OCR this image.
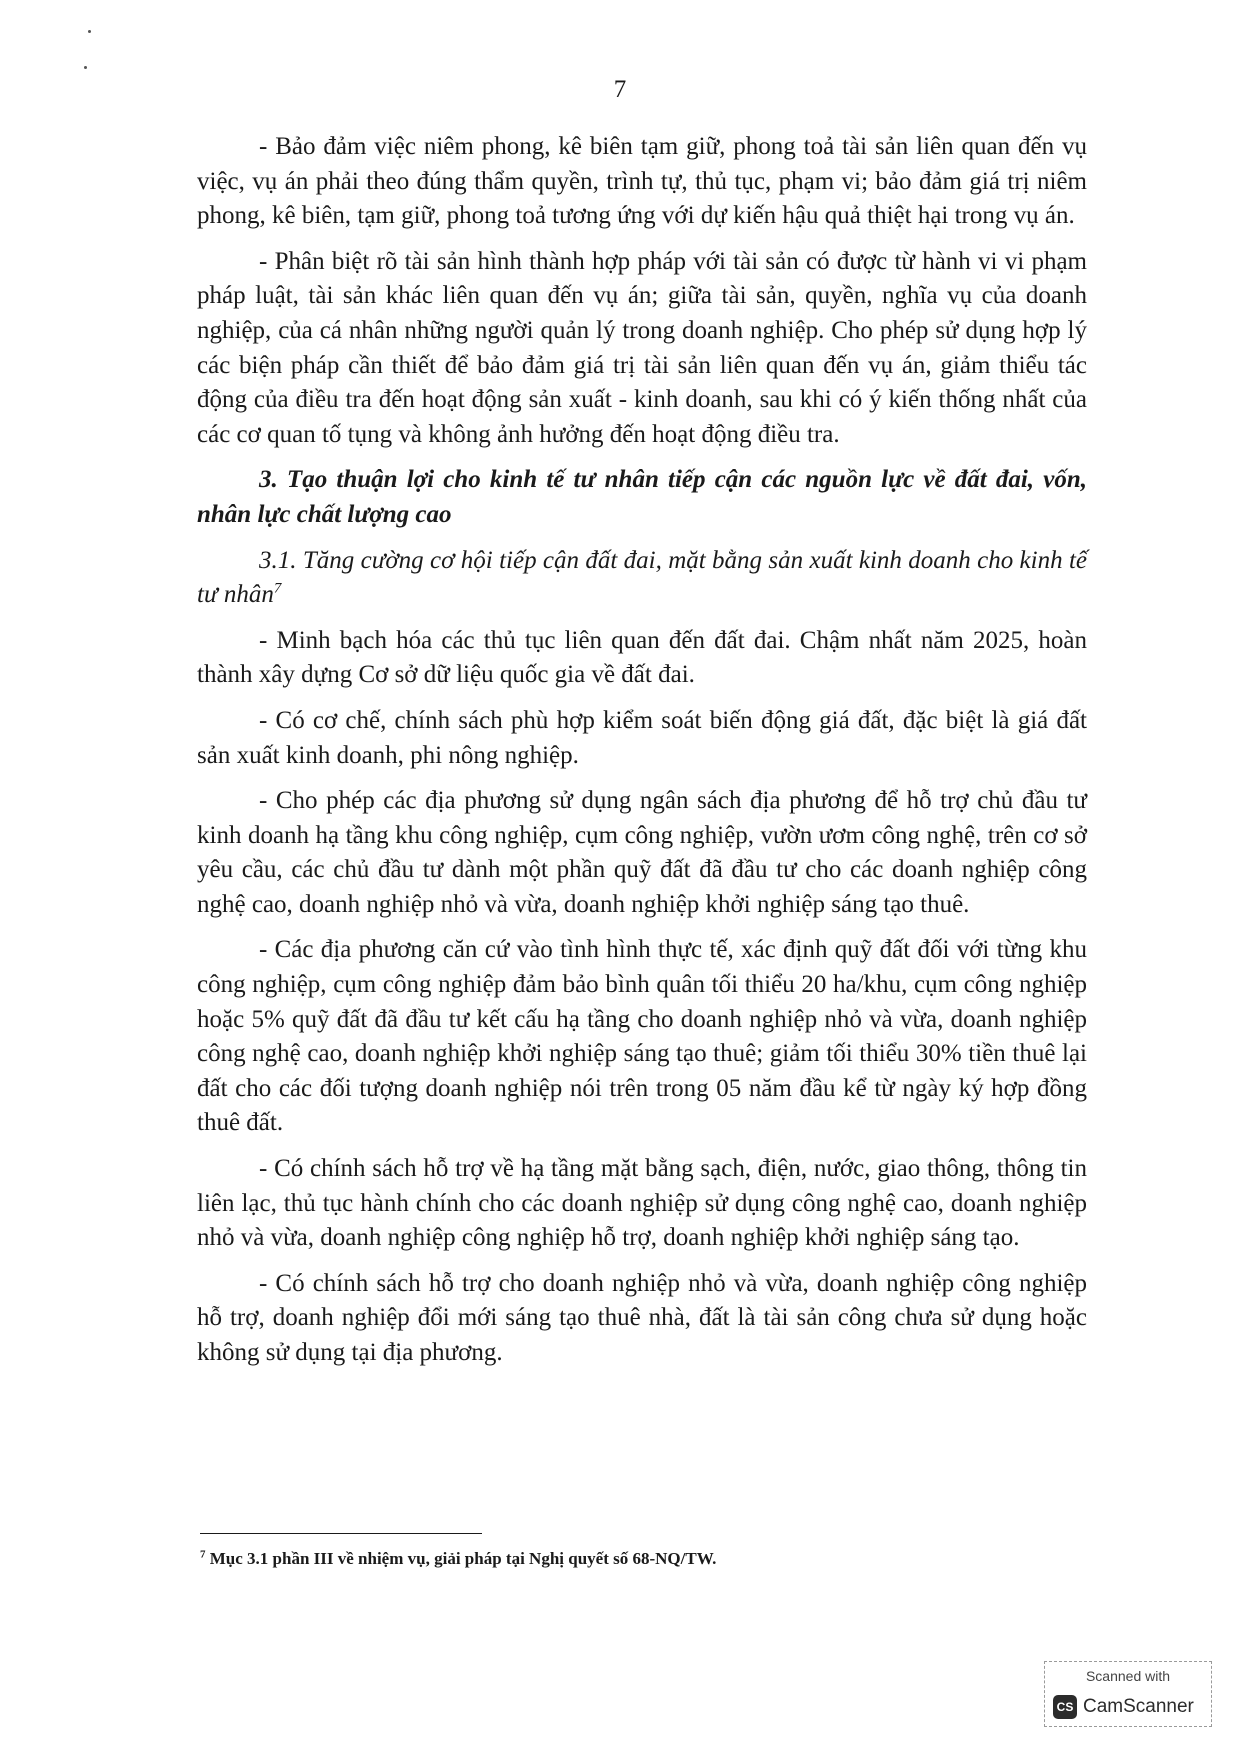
7

- Bảo đảm việc niêm phong, kê biên tạm giữ, phong toả tài sản liên quan đến vụ việc, vụ án phải theo đúng thẩm quyền, trình tự, thủ tục, phạm vi; bảo đảm giá trị niêm phong, kê biên, tạm giữ, phong toả tương ứng với dự kiến hậu quả thiệt hại trong vụ án.

- Phân biệt rõ tài sản hình thành hợp pháp với tài sản có được từ hành vi vi phạm pháp luật, tài sản khác liên quan đến vụ án; giữa tài sản, quyền, nghĩa vụ của doanh nghiệp, của cá nhân những người quản lý trong doanh nghiệp. Cho phép sử dụng hợp lý các biện pháp cần thiết để bảo đảm giá trị tài sản liên quan đến vụ án, giảm thiểu tác động của điều tra đến hoạt động sản xuất - kinh doanh, sau khi có ý kiến thống nhất của các cơ quan tố tụng và không ảnh hưởng đến hoạt động điều tra.

3. Tạo thuận lợi cho kinh tế tư nhân tiếp cận các nguồn lực về đất đai, vốn, nhân lực chất lượng cao

3.1. Tăng cường cơ hội tiếp cận đất đai, mặt bằng sản xuất kinh doanh cho kinh tế tư nhân$^7$

- Minh bạch hóa các thủ tục liên quan đến đất đai. Chậm nhất năm 2025, hoàn thành xây dựng Cơ sở dữ liệu quốc gia về đất đai.

- Có cơ chế, chính sách phù hợp kiểm soát biến động giá đất, đặc biệt là giá đất sản xuất kinh doanh, phi nông nghiệp.

- Cho phép các địa phương sử dụng ngân sách địa phương để hỗ trợ chủ đầu tư kinh doanh hạ tầng khu công nghiệp, cụm công nghiệp, vườn ươm công nghệ, trên cơ sở yêu cầu, các chủ đầu tư dành một phần quỹ đất đã đầu tư cho các doanh nghiệp công nghệ cao, doanh nghiệp nhỏ và vừa, doanh nghiệp khởi nghiệp sáng tạo thuê.

- Các địa phương căn cứ vào tình hình thực tế, xác định quỹ đất đối với từng khu công nghiệp, cụm công nghiệp đảm bảo bình quân tối thiểu 20 ha/khu, cụm công nghiệp hoặc 5% quỹ đất đã đầu tư kết cấu hạ tầng cho doanh nghiệp nhỏ và vừa, doanh nghiệp công nghệ cao, doanh nghiệp khởi nghiệp sáng tạo thuê; giảm tối thiểu 30% tiền thuê lại đất cho các đối tượng doanh nghiệp nói trên trong 05 năm đầu kể từ ngày ký hợp đồng thuê đất.

- Có chính sách hỗ trợ về hạ tầng mặt bằng sạch, điện, nước, giao thông, thông tin liên lạc, thủ tục hành chính cho các doanh nghiệp sử dụng công nghệ cao, doanh nghiệp nhỏ và vừa, doanh nghiệp công nghiệp hỗ trợ, doanh nghiệp khởi nghiệp sáng tạo.

- Có chính sách hỗ trợ cho doanh nghiệp nhỏ và vừa, doanh nghiệp công nghiệp hỗ trợ, doanh nghiệp đổi mới sáng tạo thuê nhà, đất là tài sản công chưa sử dụng hoặc không sử dụng tại địa phương.

$^7$ Mục 3.1 phần III về nhiệm vụ, giải pháp tại Nghị quyết số 68-NQ/TW.
Scanned with
CS CamScanner
